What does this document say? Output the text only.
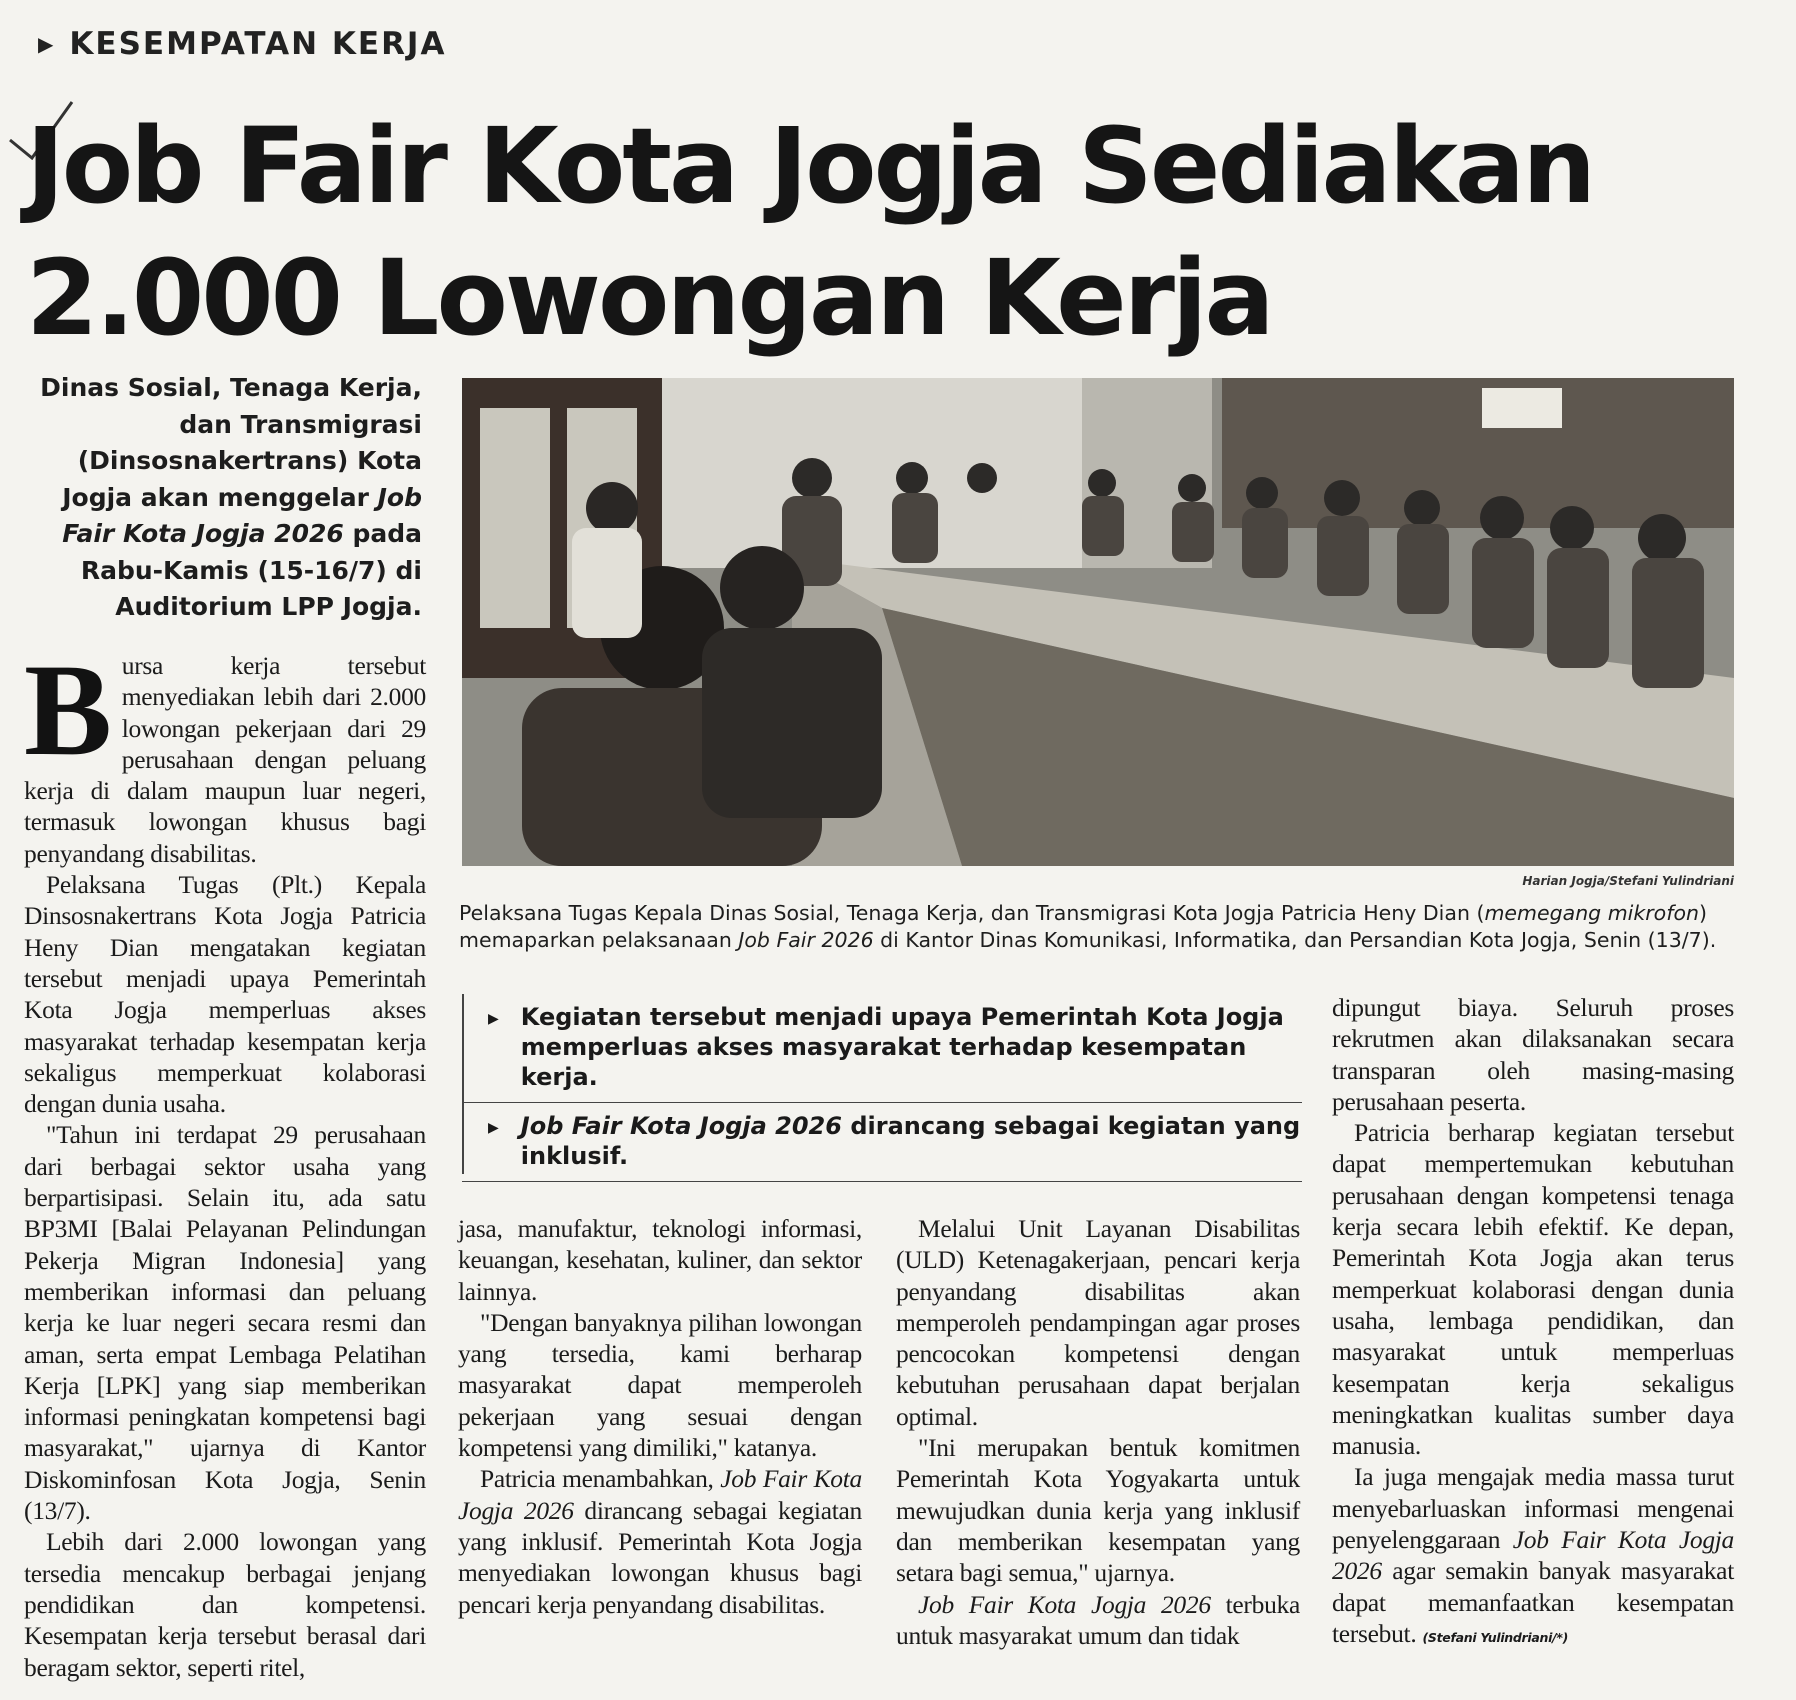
▶ KESEMPATAN KERJA
Job Fair Kota Jogja Sediakan
2.000 Lowongan Kerja
Dinas Sosial, Tenaga Kerja, dan Transmigrasi (Dinsosnakertrans) Kota Jogja akan menggelar Job Fair Kota Jogja 2026 pada Rabu-Kamis (15-16/7) di Auditorium LPP Jogja.
Harian Jogja/Stefani Yulindriani
Pelaksana Tugas Kepala Dinas Sosial, Tenaga Kerja, dan Transmigrasi Kota Jogja Patricia Heny Dian (memegang mikrofon) memaparkan pelaksanaan Job Fair 2026 di Kantor Dinas Komunikasi, Informatika, dan Persandian Kota Jogja, Senin (13/7).
▶ Kegiatan tersebut menjadi upaya Pemerintah Kota Jogja memperluas akses masyarakat terhadap kesempatan kerja.
▶ Job Fair Kota Jogja 2026 dirancang sebagai kegiatan yang inklusif.

Bursa kerja tersebut menyediakan lebih dari 2.000 lowongan pekerjaan dari 29 perusahaan dengan peluang kerja di dalam maupun luar negeri, termasuk lowongan khusus bagi penyandang disabilitas.

Pelaksana Tugas (Plt.) Kepala Dinsosnakertrans Kota Jogja Patricia Heny Dian mengatakan kegiatan tersebut menjadi upaya Pemerintah Kota Jogja memperluas akses masyarakat terhadap kesempatan kerja sekaligus memperkuat kolaborasi dengan dunia usaha.

"Tahun ini terdapat 29 perusahaan dari berbagai sektor usaha yang berpartisipasi. Selain itu, ada satu BP3MI [Balai Pelayanan Pelindungan Pekerja Migran Indonesia] yang memberikan informasi dan peluang kerja ke luar negeri secara resmi dan aman, serta empat Lembaga Pelatihan Kerja [LPK] yang siap memberikan informasi peningkatan kompetensi bagi masyarakat," ujarnya di Kantor Diskominfosan Kota Jogja, Senin (13/7).

Lebih dari 2.000 lowongan yang tersedia mencakup berbagai jenjang pendidikan dan kompetensi. Kesempatan kerja tersebut berasal dari beragam sektor, seperti ritel,

jasa, manufaktur, teknologi informasi, keuangan, kesehatan, kuliner, dan sektor lainnya.

"Dengan banyaknya pilihan lowongan yang tersedia, kami berharap masyarakat dapat memperoleh pekerjaan yang sesuai dengan kompetensi yang dimiliki," katanya.

Patricia menambahkan, Job Fair Kota Jogja 2026 dirancang sebagai kegiatan yang inklusif. Pemerintah Kota Jogja menyediakan lowongan khusus bagi pencari kerja penyandang disabilitas.

Melalui Unit Layanan Disabilitas (ULD) Ketenagakerjaan, pencari kerja penyandang disabilitas akan memperoleh pendampingan agar proses pencocokan kompetensi dengan kebutuhan perusahaan dapat berjalan optimal.

"Ini merupakan bentuk komitmen Pemerintah Kota Yogyakarta untuk mewujudkan dunia kerja yang inklusif dan memberikan kesempatan yang setara bagi semua," ujarnya.

Job Fair Kota Jogja 2026 terbuka untuk masyarakat umum dan tidak

dipungut biaya. Seluruh proses rekrutmen akan dilaksanakan secara transparan oleh masing-masing perusahaan peserta.

Patricia berharap kegiatan tersebut dapat mempertemukan kebutuhan perusahaan dengan kompetensi tenaga kerja secara lebih efektif. Ke depan, Pemerintah Kota Jogja akan terus memperkuat kolaborasi dengan dunia usaha, lembaga pendidikan, dan masyarakat untuk memperluas kesempatan kerja sekaligus meningkatkan kualitas sumber daya manusia.

Ia juga mengajak media massa turut menyebarluaskan informasi mengenai penyelenggaraan Job Fair Kota Jogja 2026 agar semakin banyak masyarakat dapat memanfaatkan kesempatan tersebut. (Stefani Yulindriani/*)
